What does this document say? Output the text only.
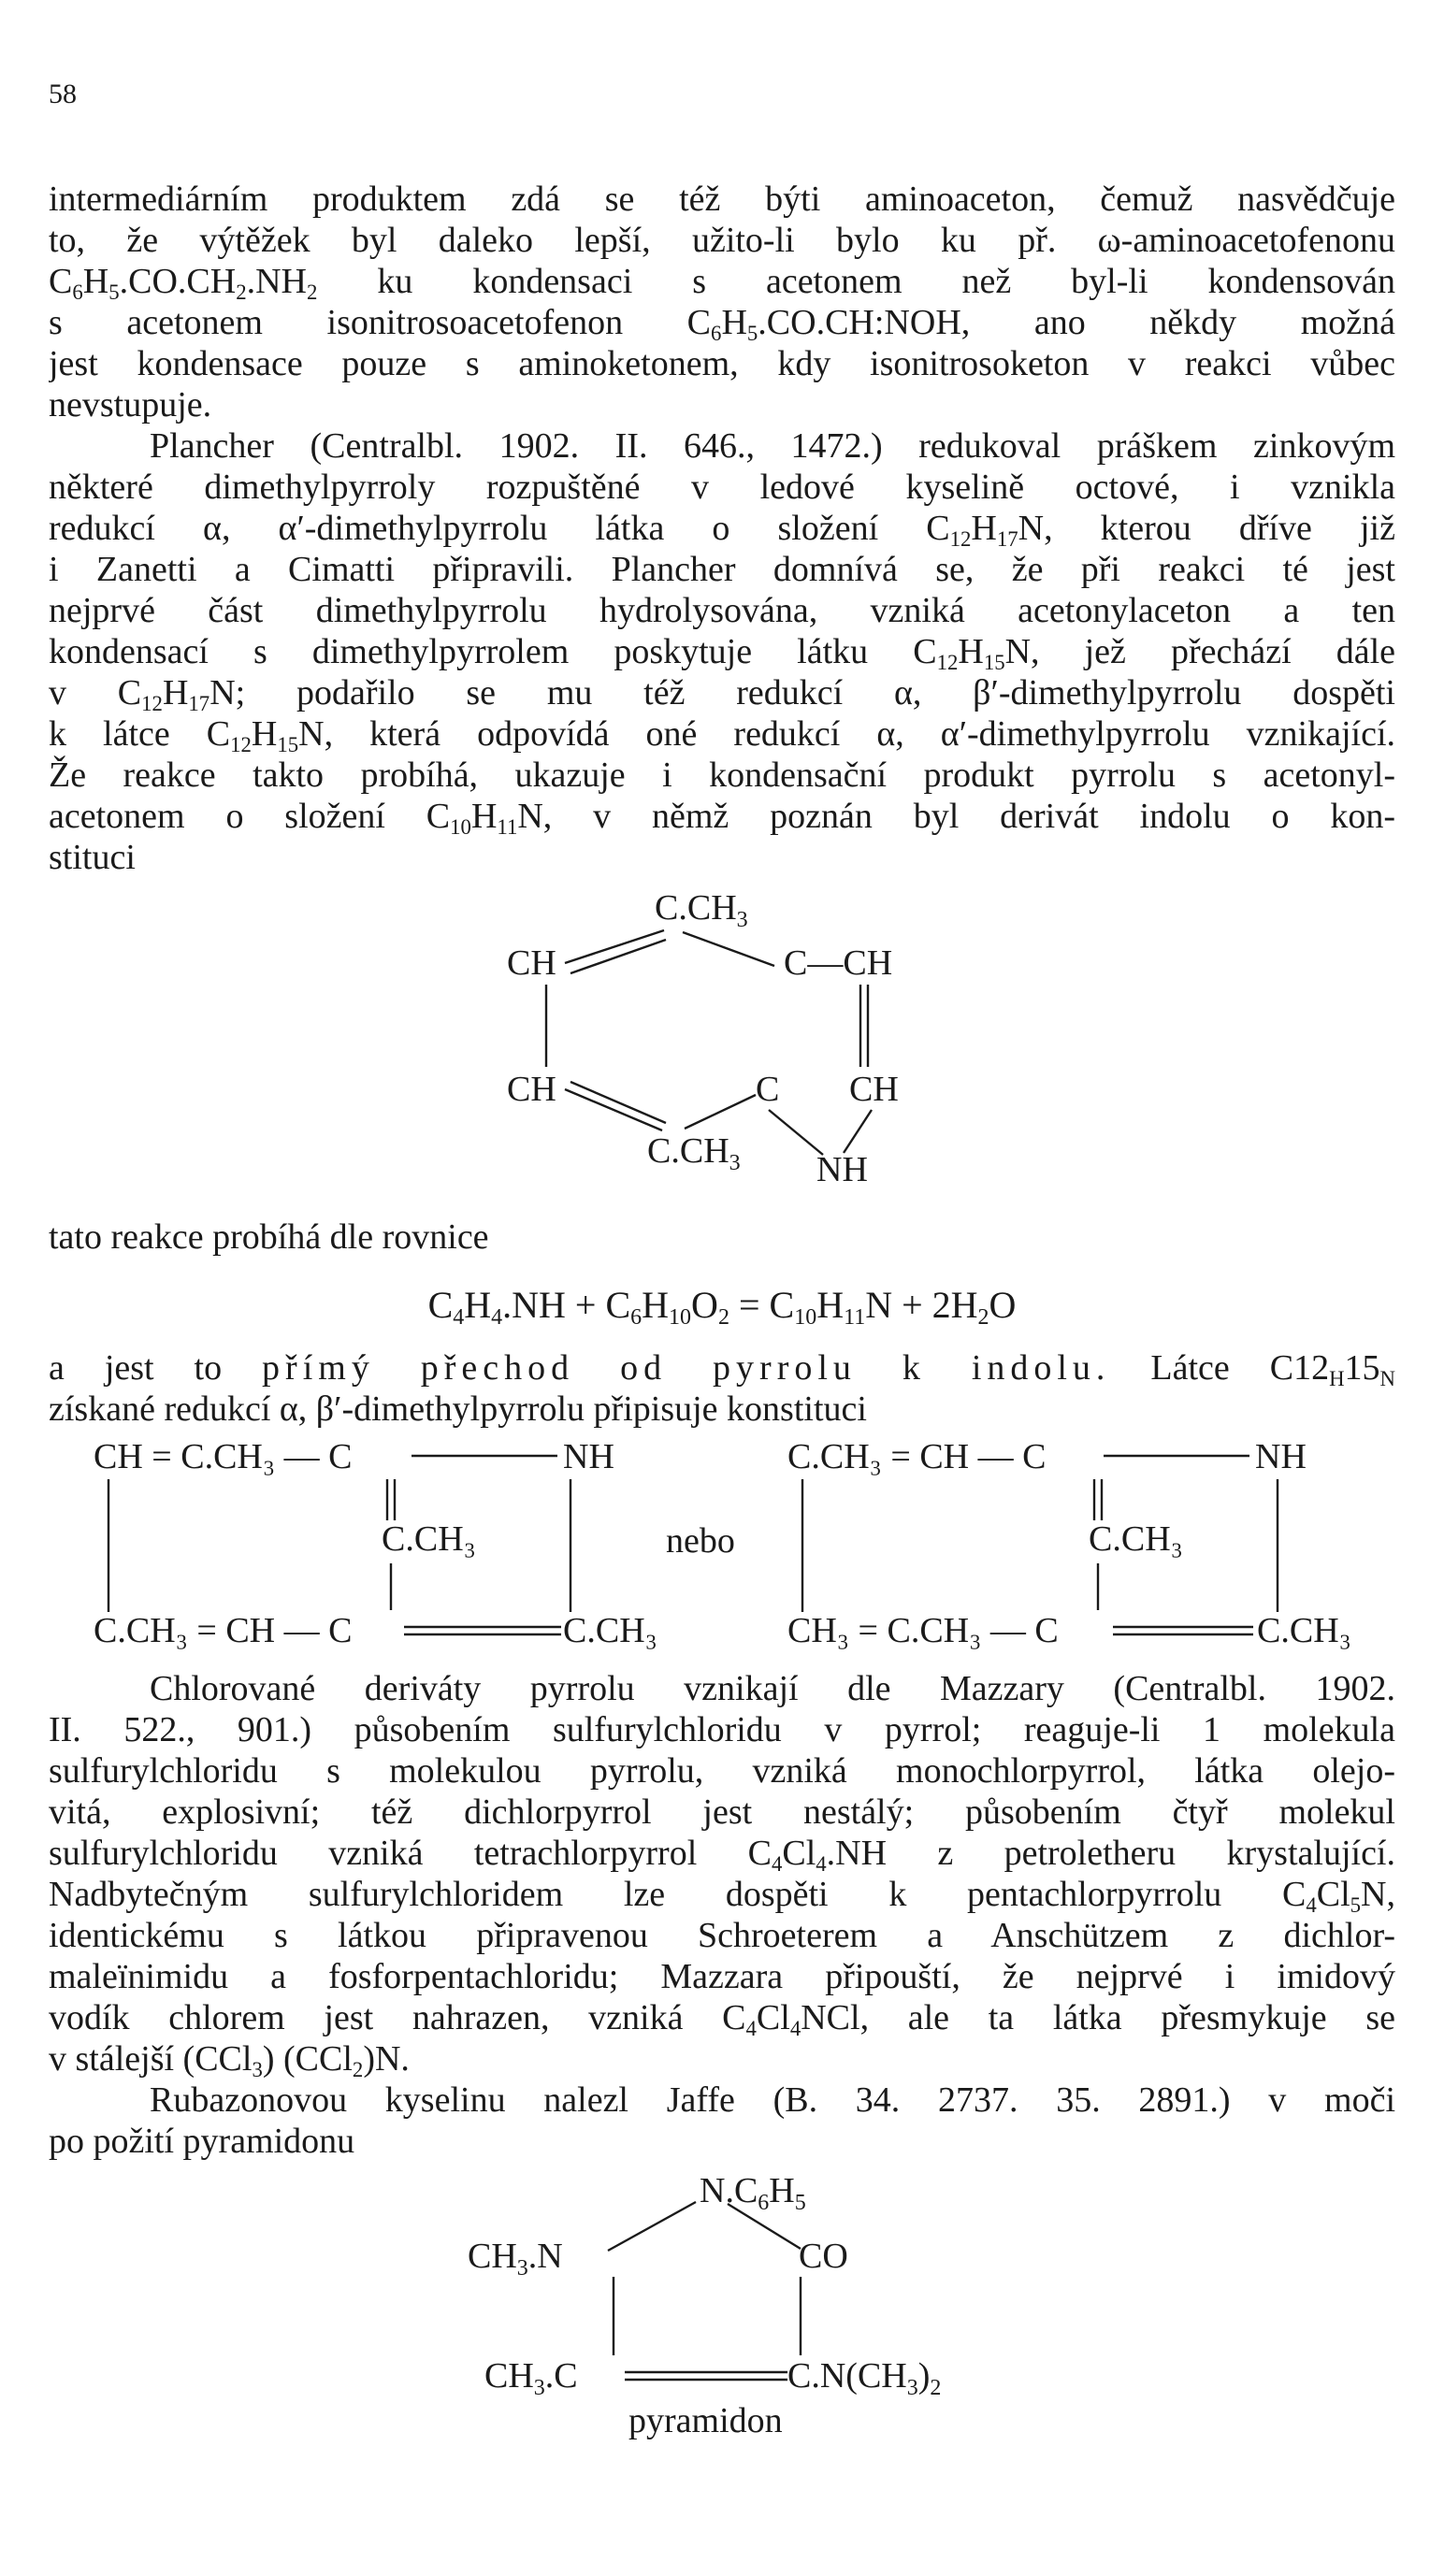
58
intermediárním produktem zdá se též býti aminoaceton, čemuž nasvědčuje
to, že výtěžek byl daleko lepší, užito-li bylo ku př. ω-aminoacetofenonu
$C_6H_5.CO.CH_2.NH_2$ ku kondensaci s acetonem než byl-li kondensován
s acetonem isonitrosoacetofenon $C_6H_5.CO.CH:NOH$, ano někdy možná
jest kondensace pouze s aminoketonem, kdy isonitrosoketon v reakci vůbec
nevstupuje.
Plancher (Centralbl. 1902. II. 646., 1472.) redukoval práškem zinkovým
některé dimethylpyrroly rozpuštěné v ledové kyselině octové, i vznikla
redukcí α, α′-dimethylpyrrolu látka o složení $C_{12}H_{17}N$, kterou dříve již
i Zanetti a Cimatti připravili. Plancher domnívá se, že při reakci té jest
nejprvé část dimethylpyrrolu hydrolysována, vzniká acetonylaceton a ten
kondensací s dimethylpyrrolem poskytuje látku $C_{12}H_{15}N$, jež přechází dále
v $C_{12}H_{17}N$; podařilo se mu též redukcí α, β′-dimethylpyrrolu dospěti
k látce $C_{12}H_{15}N$, která odpovídá oné redukcí α, α′-dimethylpyrrolu vznikající.
Že reakce takto probíhá, ukazuje i kondensační produkt pyrrolu s acetonyl-
acetonem o složení $C_{10}H_{11}N$, v němž poznán byl derivát indolu o kon-
stituci
$C.CH_3$
CH	C—CH
CH	C CH
$C.CH_3$ NH
tato reakce probíhá dle rovnice
$C_4H_4.NH + C_6H_{10}O_2 = C_{10}H_{11}N + 2H_2O$
a jest to přímý přechod od pyrrolu k indolu. Látce $C12_H15_N$
získané redukcí α, β′-dimethylpyrrolu připisuje konstituci
CH = C.CH₃ — C	NH
C.CH₃
C.CH₃ = CH — C	C.CH₃
nebo
C.CH₃ = CH — C	NH
C.CH₃
CH₃ = C.CH₃ — C	C.CH₃
Chlorované deriváty pyrrolu vznikají dle Mazzary (Centralbl. 1902.
II. 522., 901.) působením sulfurylchloridu v pyrrol; reaguje-li 1 molekula
sulfurylchloridu s molekulou pyrrolu, vzniká monochlorpyrrol, látka olejo-
vitá, explosivní; též dichlorpyrrol jest nestálý; působením čtyř molekul
sulfurylchloridu vzniká tetrachlorpyrrol $C_4Cl_4.NH$ z petroletheru krystalující.
Nadbytečným sulfurylchloridem lze dospěti k pentachlorpyrrolu $C_4Cl_5N$,
identickému s látkou připravenou Schroeterem a Anschützem z dichlor-
maleïnimidu a fosforpentachloridu; Mazzara připouští, že nejprvé i imidový
vodík chlorem jest nahrazen, vzniká $C_4Cl_4NCl$, ale ta látka přesmykuje se
v stálejší (CCl$_3$) (CCl$_2$)N.
Rubazonovou kyselinu nalezl Jaffe (B. 34. 2737. 35. 2891.) v moči
po požití pyramidonu
$N.C_6H_5$
$CH_3.N$	CO
$CH_3.C$	$C.N(CH_3)_2$
pyramidon
